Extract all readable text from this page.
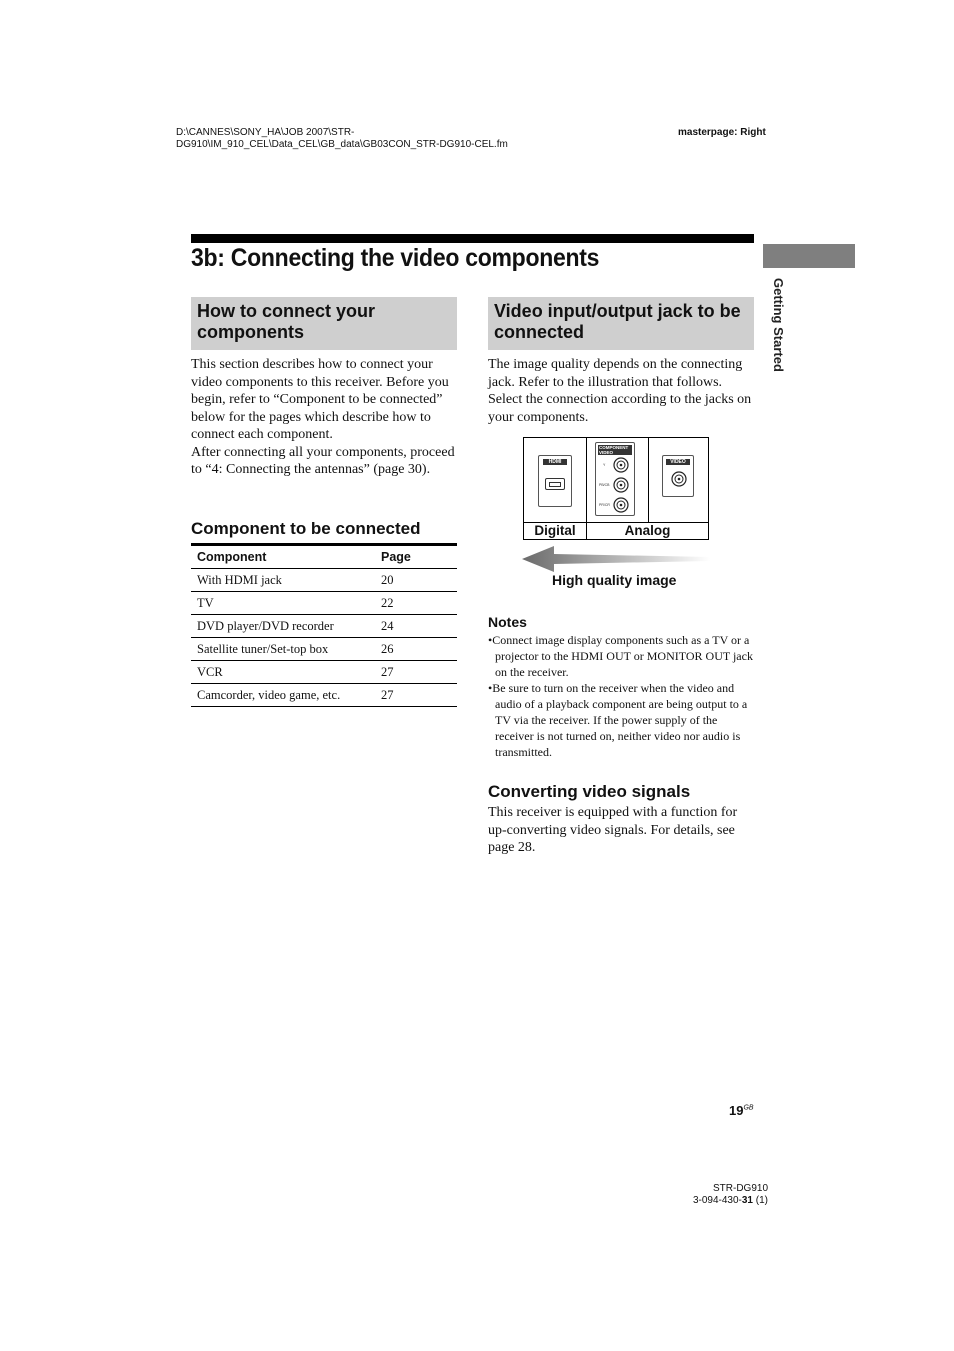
D:\CANNES\SONY_HA\JOB 2007\STR-DG910\IM_910_CEL\Data_CEL\GB_data\GB03CON_STR-DG910-CEL.fm
masterpage: Right
3b: Connecting the video components
Getting Started
How to connect your components
This section describes how to connect your video components to this receiver. Before you begin, refer to “Component to be connected” below for the pages which describe how to connect each component.
After connecting all your components, proceed to “4: Connecting the antennas” (page 30).
Component to be connected
Component	Page
With HDMI jack	20
TV	22
DVD player/DVD recorder	24
Satellite tuner/Set-top box	26
VCR	27
Camcorder, video game, etc.	27
Video input/output jack to be connected
The image quality depends on the connecting jack. Refer to the illustration that follows. Select the connection according to the jacks on your components.
HDMI
COMPONENT VIDEO
Y
PB/CB
PR/CR
VIDEO
Digital	Analog
High quality image
Notes
•Connect image display components such as a TV or a projector to the HDMI OUT or MONITOR OUT jack on the receiver.
•Be sure to turn on the receiver when the video and audio of a playback component are being output to a TV via the receiver. If the power supply of the receiver is not turned on, neither video nor audio is transmitted.
Converting video signals
This receiver is equipped with a function for up-converting video signals. For details, see page 28.
$19^{GB}$
STR-DG910
3-094-430-31 (1)
